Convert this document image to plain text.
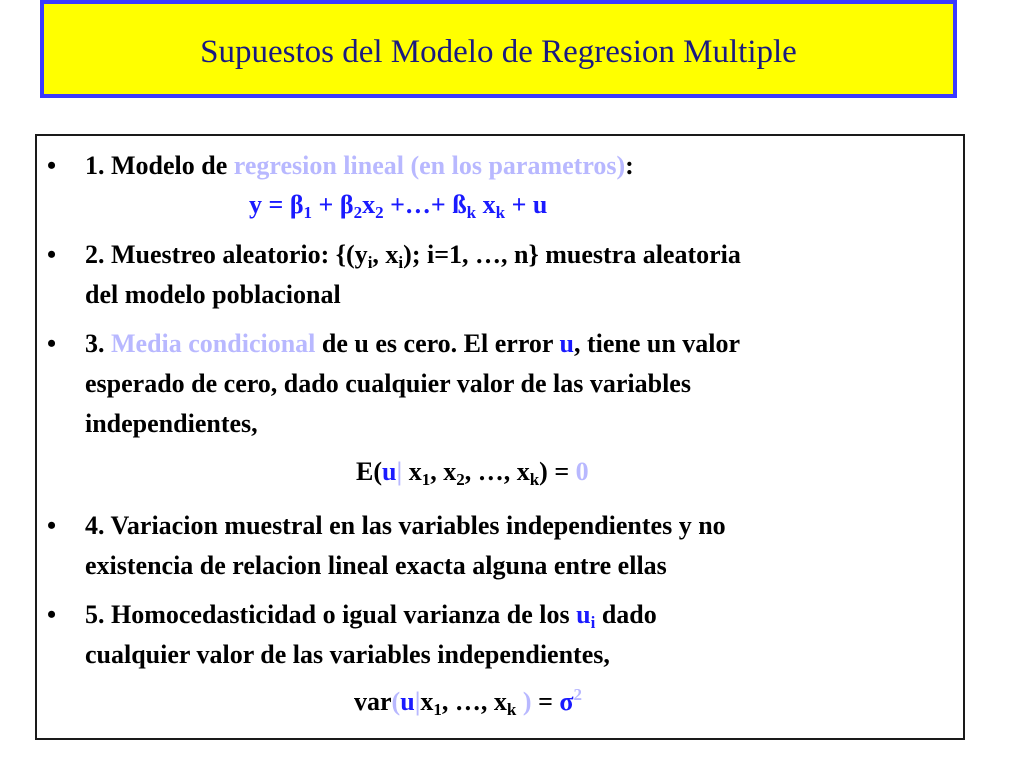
Supuestos del Modelo de Regresion Multiple
• 1. Modelo de regresion lineal (en los parametros):
$y = \beta_1 + \beta_2x_2$ +…+ $ß_k$ $x_k + u$
• 2. Muestreo aleatorio: {($y_i$, $x_i$); i=1, …, n} muestra aleatoria
del modelo poblacional
• 3. Media condicional de u es cero. El error u, tiene un valor
esperado de cero, dado cualquier valor de las variables
independientes,
E(u| $x_1$, $x_2$, …, $x_k) = 0$
• 4. Variacion muestral en las variables independientes y no
existencia de relacion lineal exacta alguna entre ellas
• 5. Homocedasticidad o igual varianza de los $u_i$ dado
cualquier valor de las variables independientes,
$var(u|x_1$, …, $x_k$ ) = $\sigma^2$
